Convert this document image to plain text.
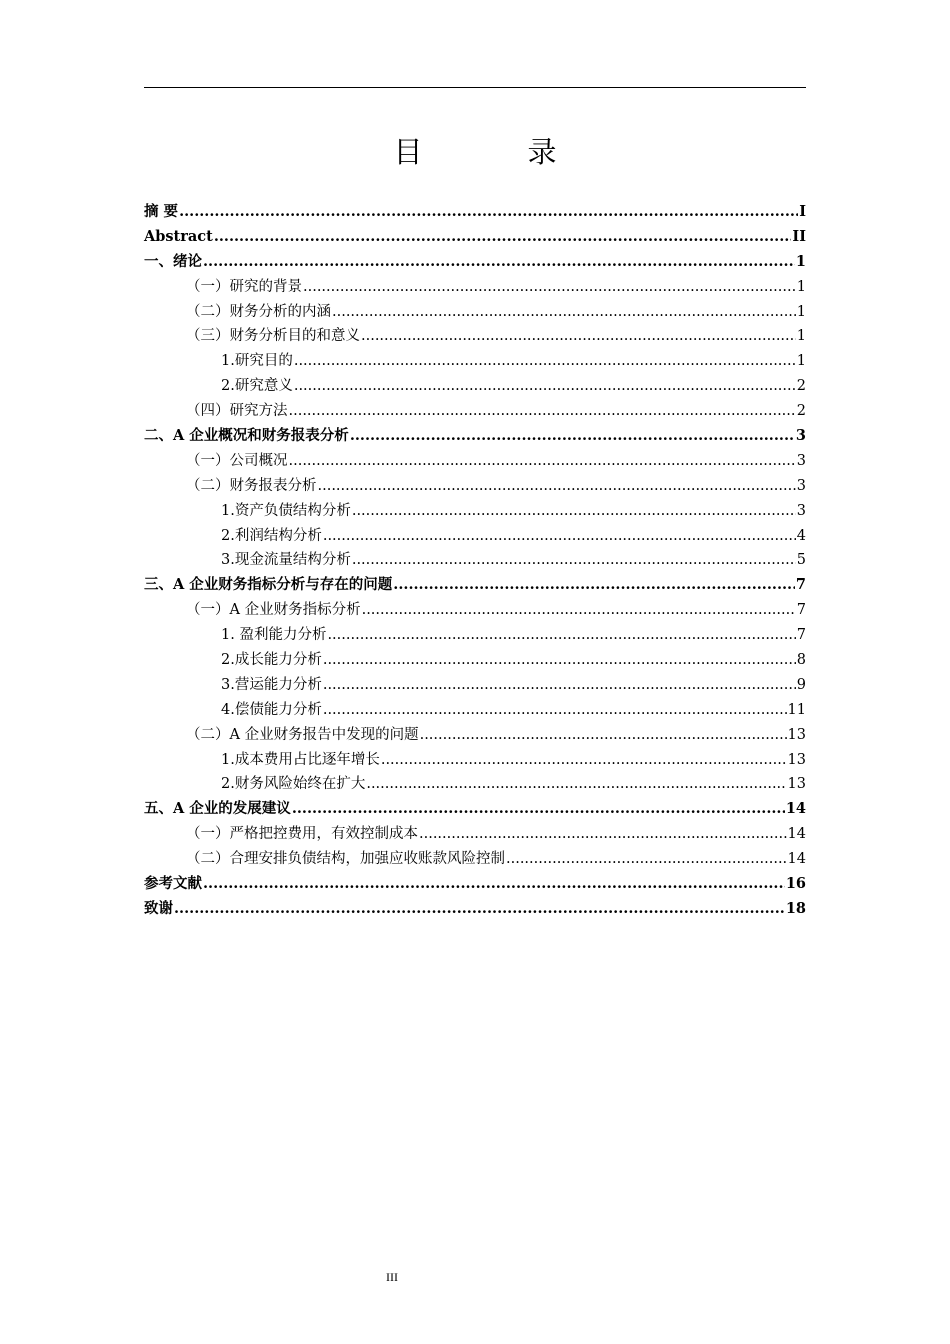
目　录
摘 要 .....	I
Abstract .....	II
一、绪论 .....	1
（一）研究的背景 .....	1
（二）财务分析的内涵 .....	1
（三）财务分析目的和意义 .....	1
1.研究目的 .....	1
2.研究意义 .....	2
（四）研究方法 .....	2
二、A 企业概况和财务报表分析 .....	3
（一）公司概况 .....	3
（二）财务报表分析 .....	3
1.资产负债结构分析 .....	3
2.利润结构分析 .....	4
3.现金流量结构分析 .....	5
三、A 企业财务指标分析与存在的问题 .....	7
（一）A 企业财务指标分析 .....	7
1. 盈利能力分析 .....	7
2.成长能力分析 .....	8
3.营运能力分析 .....	9
4.偿债能力分析 .....	11
（二）A 企业财务报告中发现的问题 .....	13
1.成本费用占比逐年增长 .....	13
2.财务风险始终在扩大 .....	13
五、A 企业的发展建议 .....	14
（一）严格把控费用，有效控制成本 .....	14
（二）合理安排负债结构，加强应收账款风险控制 .....	14
参考文献 .....	16
致谢 .....	18
III
